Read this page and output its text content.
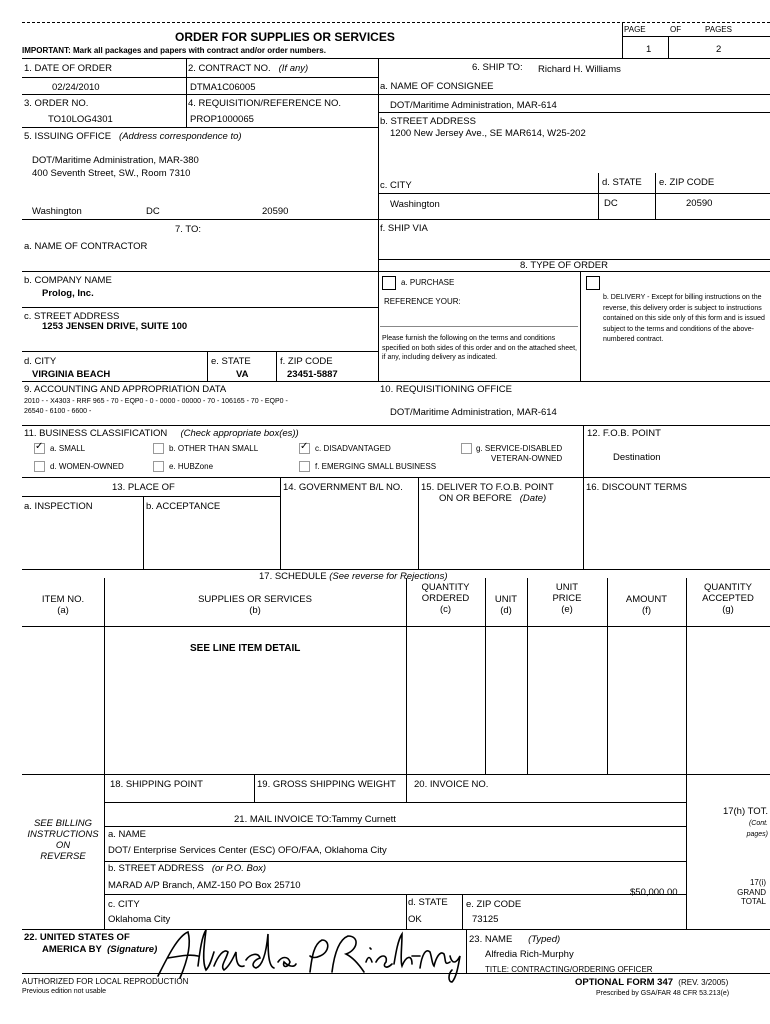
ORDER FOR SUPPLIES OR SERVICES
IMPORTANT: Mark all packages and papers with contract and/or order numbers.
PAGE	OF	PAGES
1	2
1. DATE OF ORDER
02/24/2010
2. CONTRACT NO. (If any)
DTMA1C06005
3. ORDER NO.
TO10LOG4301
4. REQUISITION/REFERENCE NO.
PROP1000065
5. ISSUING OFFICE (Address correspondence to)
DOT/Maritime Administration, MAR-380
400 Seventh Street, SW., Room 7310
Washington	DC	20590
6. SHIP TO: Richard H. Williams
a. NAME OF CONSIGNEE
DOT/Maritime Administration, MAR-614
b. STREET ADDRESS
1200 New Jersey Ave., SE MAR614, W25-202
c. CITY
Washington
d. STATE
DC
e. ZIP CODE
20590
f. SHIP VIA
7. TO:
a. NAME OF CONTRACTOR
b. COMPANY NAME
Prolog, Inc.
c. STREET ADDRESS
1253 JENSEN DRIVE, SUITE 100
d. CITY
VIRGINIA BEACH
e. STATE
VA
f. ZIP CODE
23451-5887
8. TYPE OF ORDER
a. PURCHASE
REFERENCE YOUR:
Please furnish the following on the terms and conditions specified on both sides of this order and on the attached sheet, if any, including delivery as indicated.
b. DELIVERY - Except for billing instructions on the reverse, this delivery order is subject to instructions contained on this side only of this form and is issued subject to the terms and conditions of the above-numbered contract.
9. ACCOUNTING AND APPROPRIATION DATA
2010 - - X4303 - RRF 965 - 70 - EQP0 - 0 - 0000 - 00000 - 70 - 106165 - 70 - EQP0 -
26540 - 6100 - 6600 -
10. REQUISITIONING OFFICE
DOT/Maritime Administration, MAR-614
11. BUSINESS CLASSIFICATION (Check appropriate box(es))
✓ a. SMALL	b. OTHER THAN SMALL	✓ c. DISADVANTAGED	g. SERVICE-DISABLED
VETERAN-OWNED
d. WOMEN-OWNED	e. HUBZone	f. EMERGING SMALL BUSINESS
12. F.O.B. POINT
Destination
13. PLACE OF
a. INSPECTION	b. ACCEPTANCE
14. GOVERNMENT B/L NO. 15. DELIVER TO F.O.B. POINT
ON OR BEFORE (Date)
16. DISCOUNT TERMS
17. SCHEDULE (See reverse for Rejections)
ITEM NO.
(a)
SUPPLIES OR SERVICES
(b)
QUANTITY
ORDERED
(c)
UNIT
(d)
UNIT
PRICE
(e)
AMOUNT
(f)
QUANTITY
ACCEPTED
(g)
SEE LINE ITEM DETAIL
18. SHIPPING POINT	19. GROSS SHIPPING WEIGHT 20. INVOICE NO.
SEE BILLING
INSTRUCTIONS
ON
REVERSE
21. MAIL INVOICE TO:Tammy Curnett
a. NAME
DOT/ Enterprise Services Center (ESC) OFO/FAA, Oklahoma City
b. STREET ADDRESS (or P.O. Box)
MARAD A/P Branch, AMZ-150 PO Box 25710
c. CITY
Oklahoma City
d. STATE
OK
e. ZIP CODE
73125
17(h) TOT.
(Cont.
pages)
17(i)
GRAND
TOTAL
$50,000.00
22. UNITED STATES OF
AMERICA BY (Signature)
23. NAME (Typed)
Alfredia Rich-Murphy
TITLE: CONTRACTING/ORDERING OFFICER
AUTHORIZED FOR LOCAL REPRODUCTION
Previous edition not usable
OPTIONAL FORM 347 (REV. 3/2005)
Prescribed by GSA/FAR 48 CFR 53.213(e)
